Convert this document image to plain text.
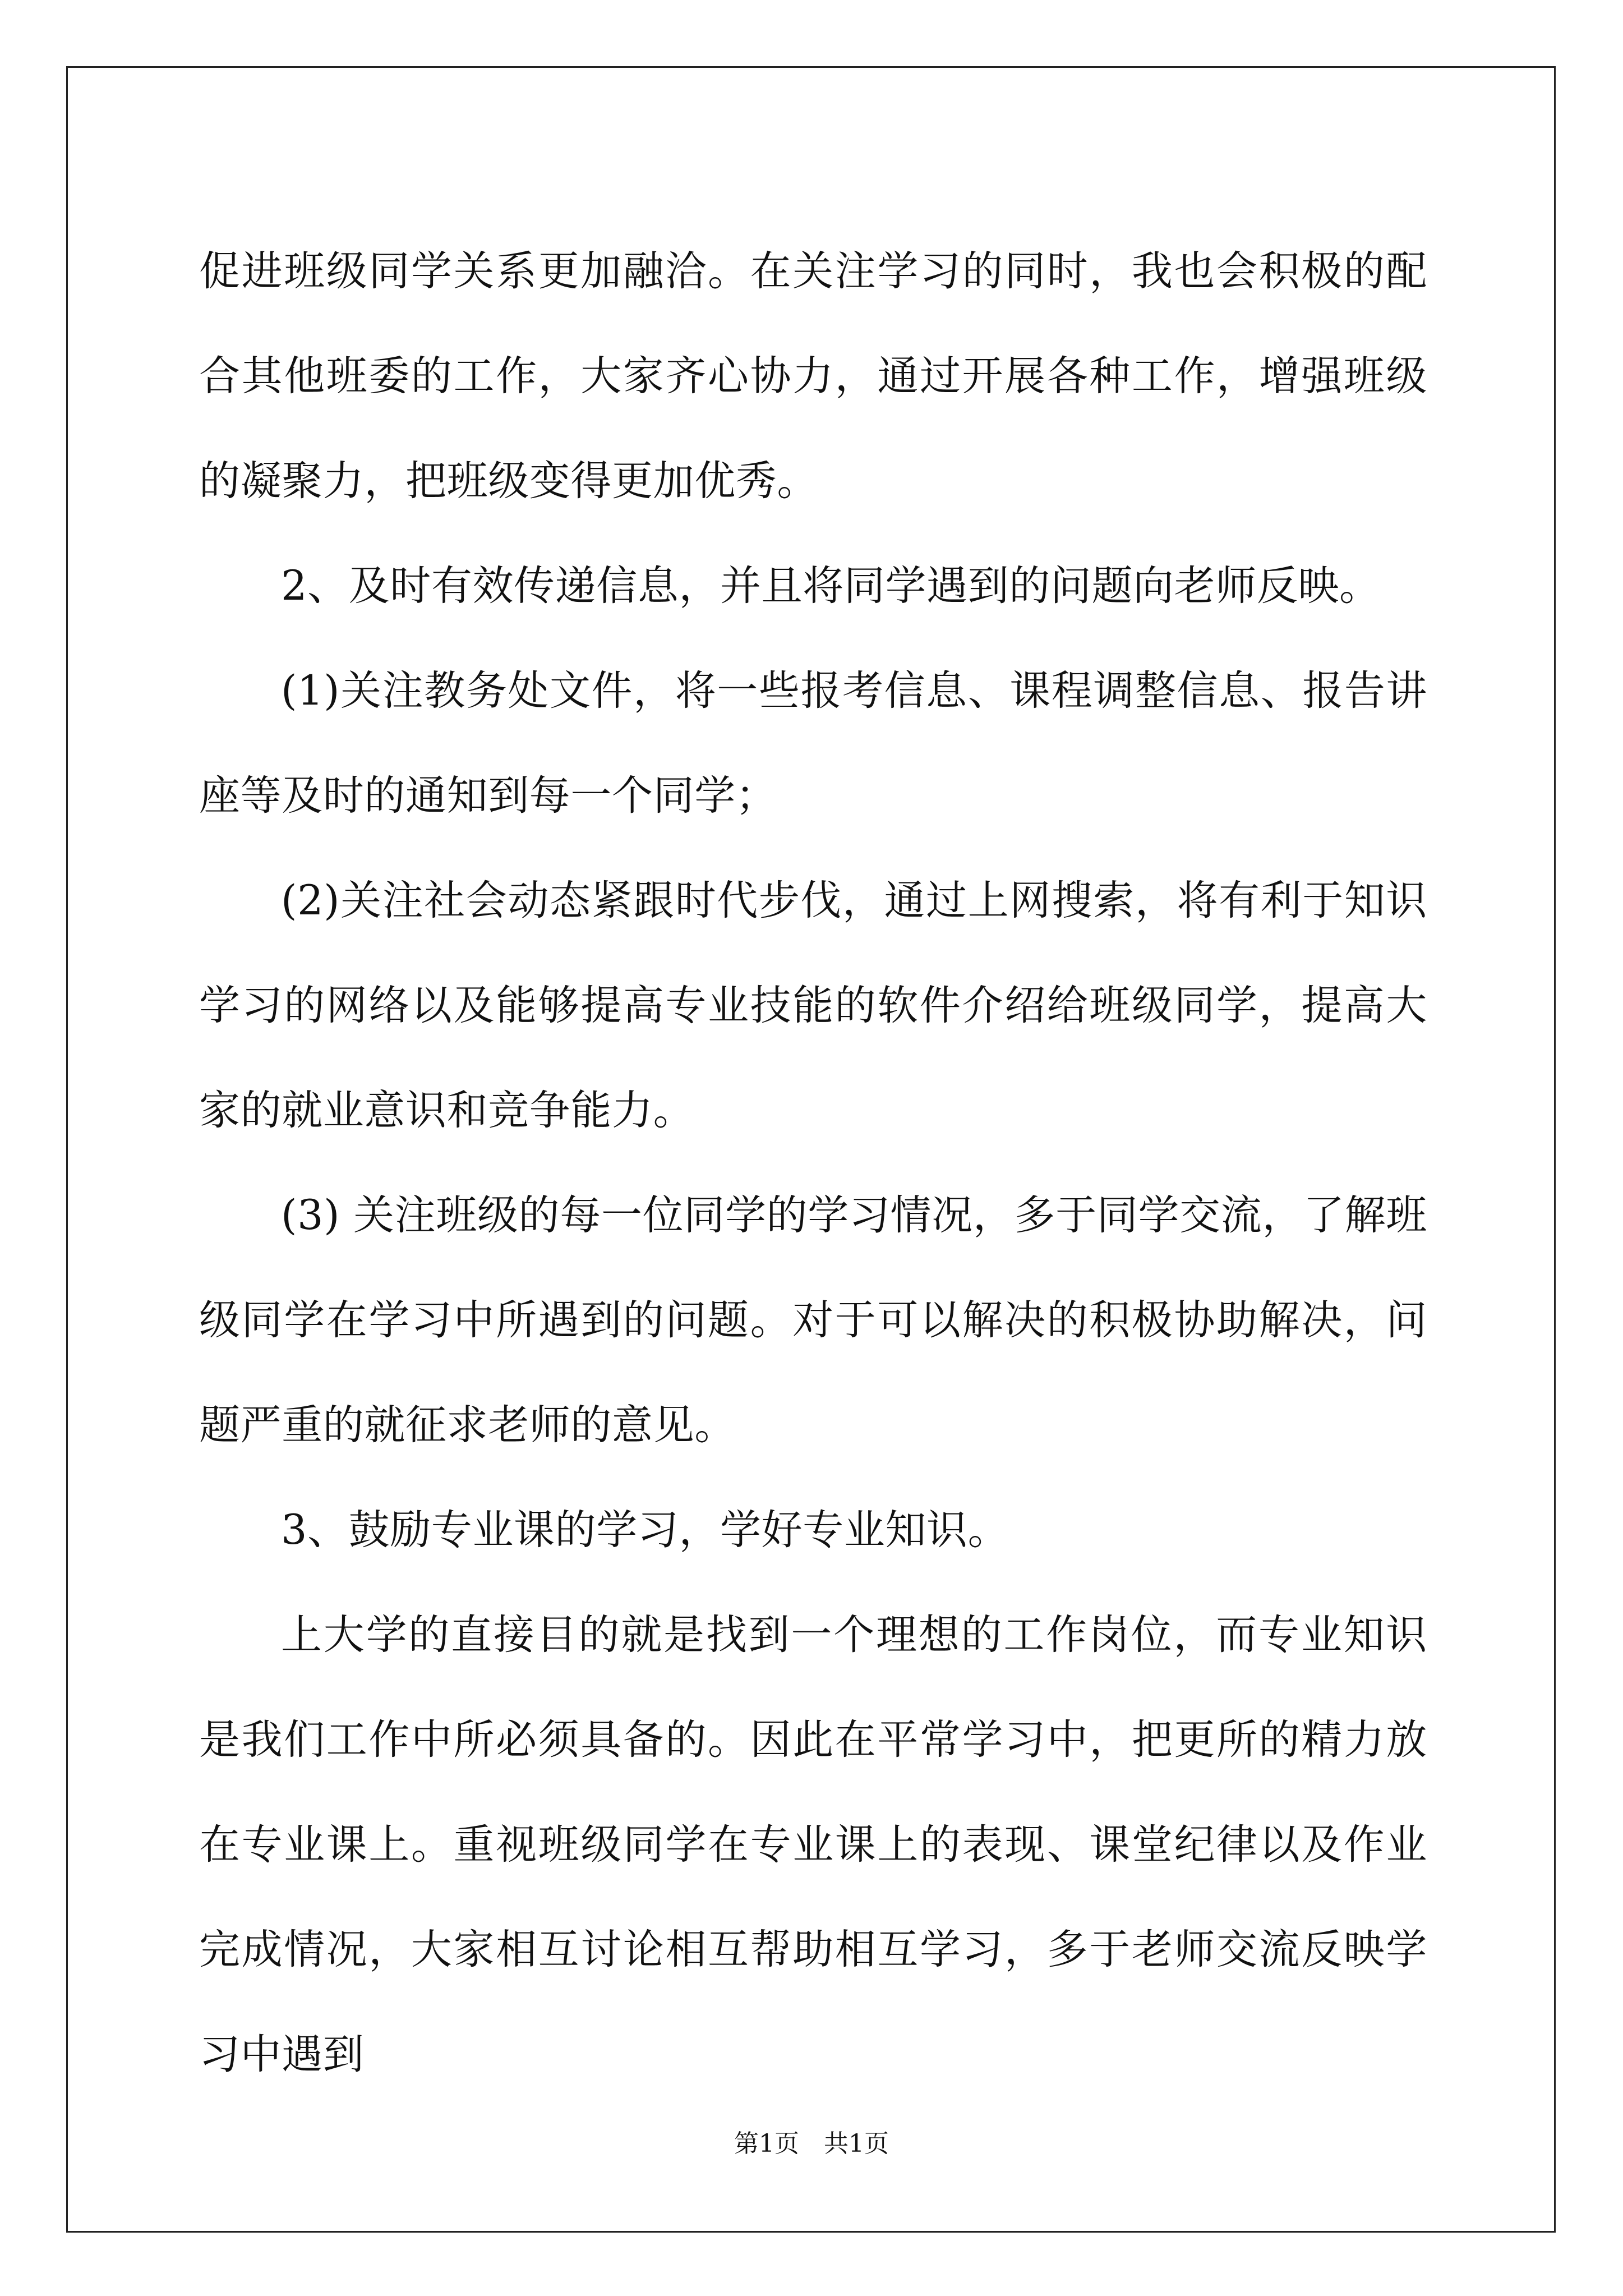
促进班级同学关系更加融洽。在关注学习的同时，我也会积极的配合其他班委的工作，大家齐心协力，通过开展各种工作，增强班级的凝聚力，把班级变得更加优秀。

2、及时有效传递信息，并且将同学遇到的问题向老师反映。

(1)关注教务处文件，将一些报考信息、课程调整信息、报告讲座等及时的通知到每一个同学；

(2)关注社会动态紧跟时代步伐，通过上网搜索，将有利于知识学习的网络以及能够提高专业技能的软件介绍给班级同学，提高大家的就业意识和竞争能力。

(3) 关注班级的每一位同学的学习情况，多于同学交流，了解班级同学在学习中所遇到的问题。对于可以解决的积极协助解决，问题严重的就征求老师的意见。

3、鼓励专业课的学习，学好专业知识。

上大学的直接目的就是找到一个理想的工作岗位，而专业知识是我们工作中所必须具备的。因此在平常学习中，把更所的精力放在专业课上。重视班级同学在专业课上的表现、课堂纪律以及作业完成情况，大家相互讨论相互帮助相互学习，多于老师交流反映学习中遇到

第1页　共1页
